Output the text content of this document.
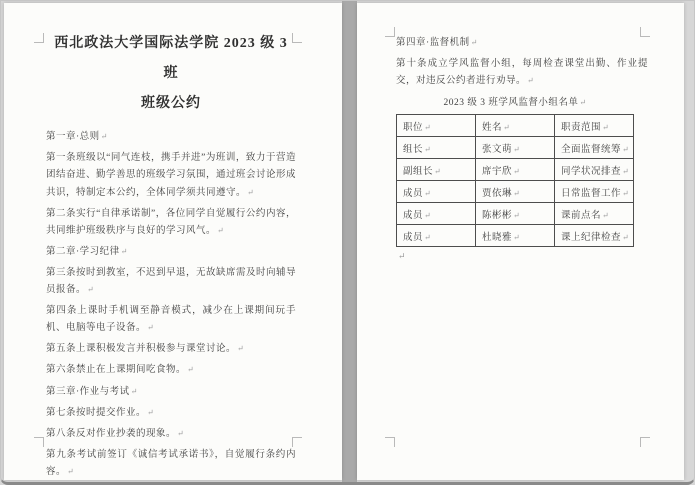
西北政法大学国际法学院 2023 级 3 班
班级公约

第一章·总则↵

第一条班级以“同气连枝，携手并进”为班训，致力于营造团结奋进、勤学善思的班级学习氛围，通过班会讨论形成共识，特制定本公约，全体同学须共同遵守。↵

第二条实行“自律承诺制”，各位同学自觉履行公约内容，共同维护班级秩序与良好的学习风气。↵

第二章·学习纪律↵

第三条按时到教室，不迟到早退，无故缺席需及时向辅导员报备。↵

第四条上课时手机调至静音模式，减少在上课期间玩手机、电脑等电子设备。↵

第五条上课积极发言并积极参与课堂讨论。↵

第六条禁止在上课期间吃食物。↵

第三章·作业与考试↵

第七条按时提交作业。↵

第八条反对作业抄袭的现象。↵

第九条考试前签订《诚信考试承诺书》，自觉履行条约内容。↵

第四章·监督机制↵

第十条成立学风监督小组，每周检查课堂出勤、作业提交，对违反公约者进行劝导。↵

2023 级 3 班学风监督小组名单↵

职位↵	姓名↵	职责范围↵
组长↵	张文萌↵	全面监督统筹↵
副组长↵	席宇欣↵	同学状况排查↵
成员↵	贾依琳↵	日常监督工作↵
成员↵	陈彬彬↵	课前点名↵
成员↵	杜晓雅↵	课上纪律检查↵

↵
